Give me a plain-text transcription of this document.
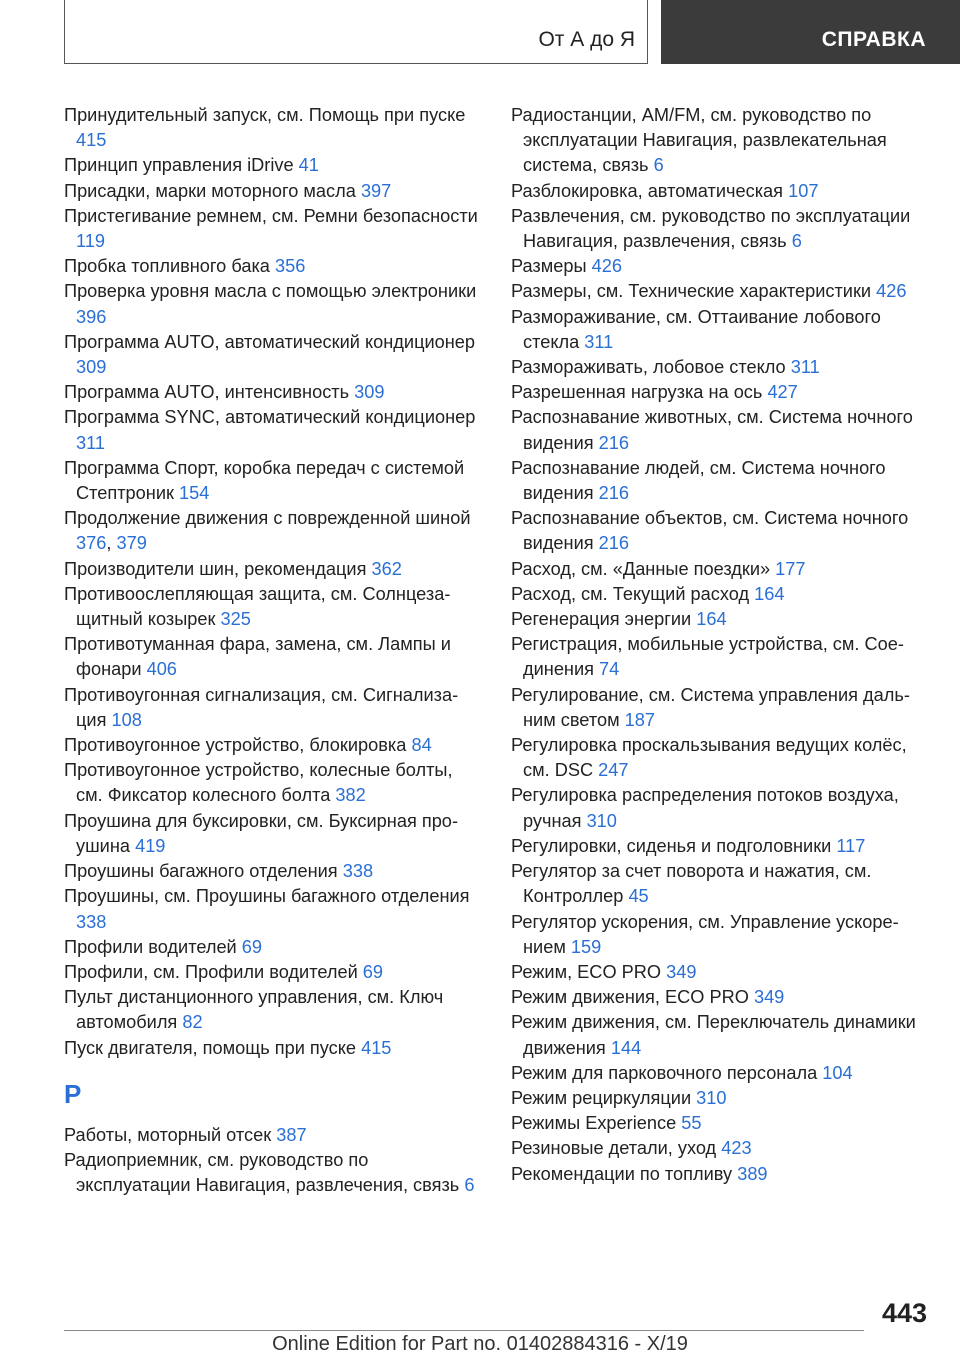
От А до Я	СПРАВКА

Принудительный запуск, см. Помощь при пуске 415

Принцип управления iDrive 41

Присадки, марки моторного масла 397

Пристегивание ремнем, см. Ремни безопасности 119

Пробка топливного бака 356

Проверка уровня масла с помощью электроники 396

Программа AUTO, автоматический кондиционер 309

Программа AUTO, интенсивность 309

Программа SYNC, автоматический кондиционер 311

Программа Спорт, коробка передач с системой Стептроник 154

Продолжение движения с поврежденной шиной 376, 379

Производители шин, рекомендация 362

Противоослепляющая защита, см. Солнцезащитный козырек 325

Противотуманная фара, замена, см. Лампы и фонари 406

Противоугонная сигнализация, см. Сигнализация 108

Противоугонное устройство, блокировка 84

Противоугонное устройство, колесные болты, см. Фиксатор колесного болта 382

Проушина для буксировки, см. Буксирная проушина 419

Проушины багажного отделения 338

Проушины, см. Проушины багажного отделения 338

Профили водителей 69

Профили, см. Профили водителей 69

Пульт дистанционного управления, см. Ключ автомобиля 82

Пуск двигателя, помощь при пуске 415

Р

Работы, моторный отсек 387

Радиоприемник, см. руководство по эксплуатации Навигация, развлечения, связь 6

Радиостанции, AM/FM, см. руководство по эксплуатации Навигация, развлекательная система, связь 6

Разблокировка, автоматическая 107

Развлечения, см. руководство по эксплуатации Навигация, развлечения, связь 6

Размеры 426

Размеры, см. Технические характеристики 426

Размораживание, см. Оттаивание лобового стекла 311

Размораживать, лобовое стекло 311

Разрешенная нагрузка на ось 427

Распознавание животных, см. Система ночного видения 216

Распознавание людей, см. Система ночного видения 216

Распознавание объектов, см. Система ночного видения 216

Расход, см. «Данные поездки» 177

Расход, см. Текущий расход 164

Регенерация энергии 164

Регистрация, мобильные устройства, см. Соединения 74

Регулирование, см. Система управления дальним светом 187

Регулировка проскальзывания ведущих колёс, см. DSC 247

Регулировка распределения потоков воздуха, ручная 310

Регулировки, сиденья и подголовники 117

Регулятор за счет поворота и нажатия, см. Контроллер 45

Регулятор ускорения, см. Управление ускорением 159

Режим, ECO PRO 349

Режим движения, ECO PRO 349

Режим движения, см. Переключатель динамики движения 144

Режим для парковочного персонала 104

Режим рециркуляции 310

Режимы Experience 55

Резиновые детали, уход 423

Рекомендации по топливу 389

443
Online Edition for Part no. 01402884316 - X/19
